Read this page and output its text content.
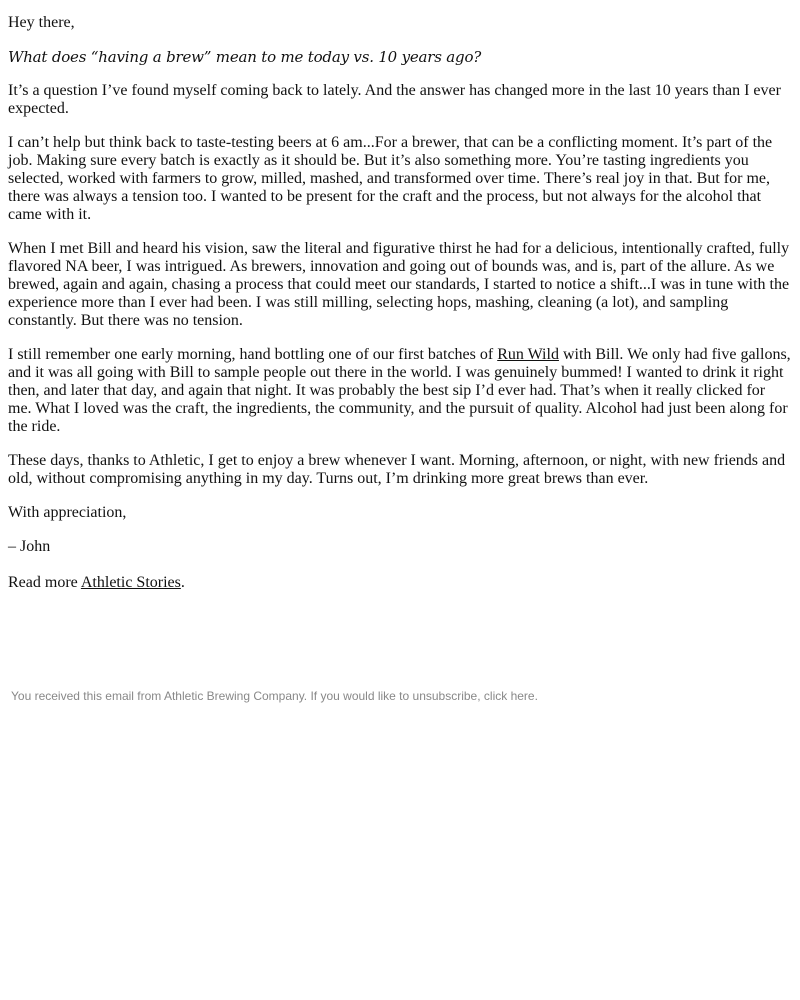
Hey there,

What does “having a brew” mean to me today vs. 10 years ago?

It’s a question I’ve found myself coming back to lately. And the answer has changed more in the last 10 years than I ever expected.

I can’t help but think back to taste-testing beers at 6 am...For a brewer, that can be a conflicting moment. It’s part of the job. Making sure every batch is exactly as it should be. But it’s also something more. You’re tasting ingredients you selected, worked with farmers to grow, milled, mashed, and transformed over time. There’s real joy in that. But for me, there was always a tension too. I wanted to be present for the craft and the process, but not always for the alcohol that came with it.

When I met Bill and heard his vision, saw the literal and figurative thirst he had for a delicious, intentionally crafted, fully flavored NA beer, I was intrigued. As brewers, innovation and going out of bounds was, and is, part of the allure. As we brewed, again and again, chasing a process that could meet our standards, I started to notice a shift...I was in tune with the experience more than I ever had been. I was still milling, selecting hops, mashing, cleaning (a lot), and sampling constantly. But there was no tension.

I still remember one early morning, hand bottling one of our first batches of Run Wild with Bill. We only had five gallons, and it was all going with Bill to sample people out there in the world. I was genuinely bummed! I wanted to drink it right then, and later that day, and again that night. It was probably the best sip I’d ever had. That’s when it really clicked for me. What I loved was the craft, the ingredients, the community, and the pursuit of quality. Alcohol had just been along for the ride.

These days, thanks to Athletic, I get to enjoy a brew whenever I want. Morning, afternoon, or night, with new friends and old, without compromising anything in my day. Turns out, I’m drinking more great brews than ever.

With appreciation,

– John

Read more Athletic Stories.

You received this email from Athletic Brewing Company. If you would like to unsubscribe, click here.
